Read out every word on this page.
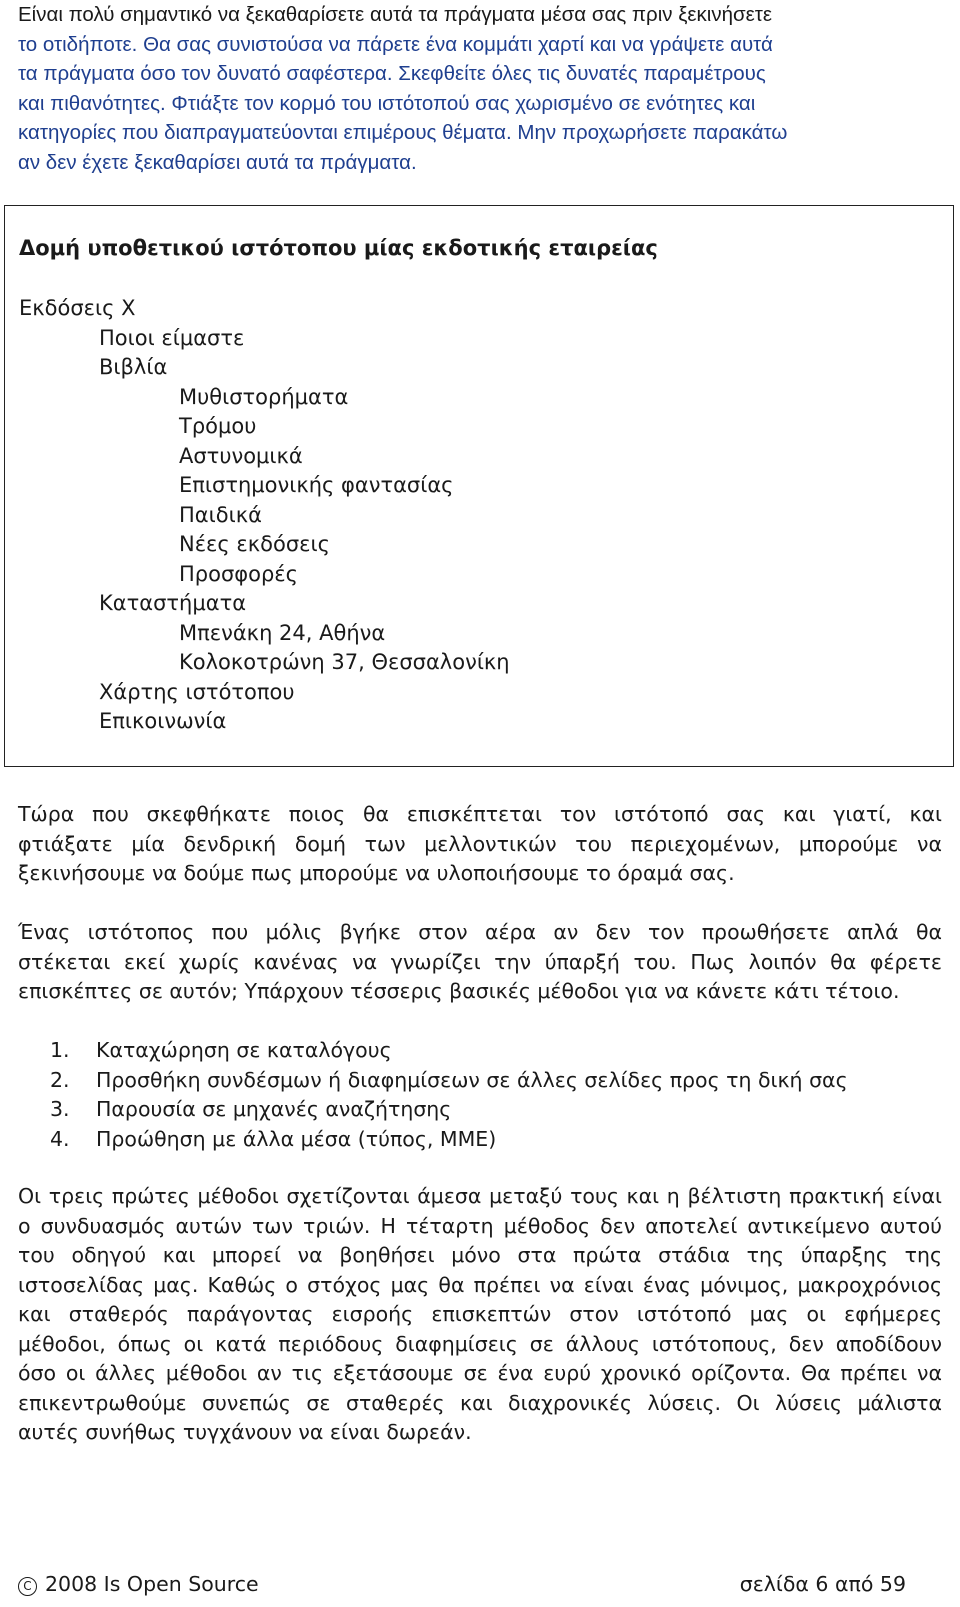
Είναι πολύ σημαντικό να ξεκαθαρίσετε αυτά τα πράγματα μέσα σας πριν ξεκινήσετε
το οτιδήποτε. Θα σας συνιστούσα να πάρετε ένα κομμάτι χαρτί και να γράψετε αυτά
τα πράγματα όσο τον δυνατό σαφέστερα. Σκεφθείτε όλες τις δυνατές παραμέτρους
και πιθανότητες. Φτιάξτε τον κορμό του ιστότοπού σας χωρισμένο σε ενότητες και
κατηγορίες που διαπραγματεύονται επιμέρους θέματα. Μην προχωρήσετε παρακάτω
αν δεν έχετε ξεκαθαρίσει αυτά τα πράγματα.
Δομή υποθετικού ιστότοπου μίας εκδοτικής εταιρείας
Εκδόσεις Χ
Ποιοι είμαστε
Βιβλία
Μυθιστορήματα
Τρόμου
Αστυνομικά
Επιστημονικής φαντασίας
Παιδικά
Νέες εκδόσεις
Προσφορές
Καταστήματα
Μπενάκη 24, Αθήνα
Κολοκοτρώνη 37, Θεσσαλονίκη
Χάρτης ιστότοπου
Επικοινωνία
Τώρα που σκεφθήκατε ποιος θα επισκέπτεται τον ιστότοπό σας και γιατί, και
φτιάξατε μία δενδρική δομή των μελλοντικών του περιεχομένων, μπορούμε να
ξεκινήσουμε να δούμε πως μπορούμε να υλοποιήσουμε το όραμά σας.
Ένας ιστότοπος που μόλις βγήκε στον αέρα αν δεν τον προωθήσετε απλά θα
στέκεται εκεί χωρίς κανένας να γνωρίζει την ύπαρξή του. Πως λοιπόν θα φέρετε
επισκέπτες σε αυτόν; Υπάρχουν τέσσερις βασικές μέθοδοι για να κάνετε κάτι τέτοιο.
1.	Καταχώρηση σε καταλόγους
2.	Προσθήκη συνδέσμων ή διαφημίσεων σε άλλες σελίδες προς τη δική σας
3.	Παρουσία σε μηχανές αναζήτησης
4.	Προώθηση με άλλα μέσα (τύπος, ΜΜΕ)
Οι τρεις πρώτες μέθοδοι σχετίζονται άμεσα μεταξύ τους και η βέλτιστη πρακτική είναι
ο συνδυασμός αυτών των τριών. Η τέταρτη μέθοδος δεν αποτελεί αντικείμενο αυτού
του οδηγού και μπορεί να βοηθήσει μόνο στα πρώτα στάδια της ύπαρξης της
ιστοσελίδας μας. Καθώς ο στόχος μας θα πρέπει να είναι ένας μόνιμος, μακροχρόνιος
και σταθερός παράγοντας εισροής επισκεπτών στον ιστότοπό μας οι εφήμερες
μέθοδοι, όπως οι κατά περιόδους διαφημίσεις σε άλλους ιστότοπους, δεν αποδίδουν
όσο οι άλλες μέθοδοι αν τις εξετάσουμε σε ένα ευρύ χρονικό ορίζοντα. Θα πρέπει να
επικεντρωθούμε συνεπώς σε σταθερές και διαχρονικές λύσεις. Οι λύσεις μάλιστα
αυτές συνήθως τυγχάνουν να είναι δωρεάν.
C 2008 Is Open Source	σελίδα 6 από 59
